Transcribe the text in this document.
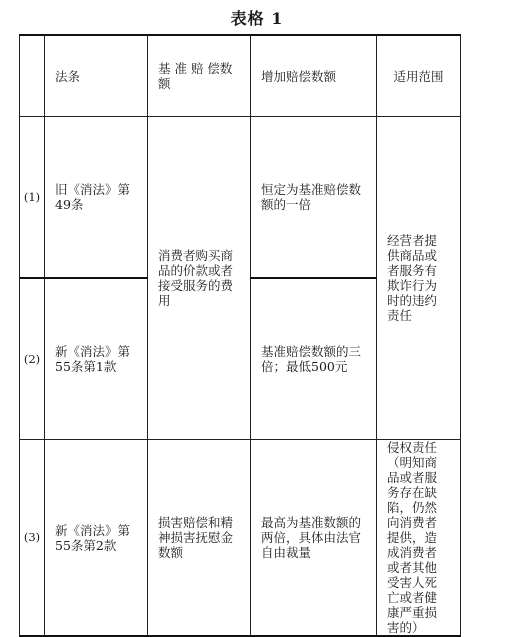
表格 1
	法条	基 准 赔 偿数额	增加赔偿数额	适用范围
(1)	旧《消法》第49条	消费者购买商品的价款或者接受服务的费用	恒定为基准赔偿数额的一倍	经营者提供商品或者服务有欺诈行为时的违约责任
(2)	新《消法》第55条第1款		基准赔偿数额的三倍；最低500元	
(3)	新《消法》第55条第2款	损害赔偿和精神损害抚慰金数额	最高为基准数额的两倍，具体由法官自由裁量	侵权责任（明知商品或者服务存在缺陷，仍然向消费者提供，造成消费者或者其他受害人死亡或者健康严重损害的）
